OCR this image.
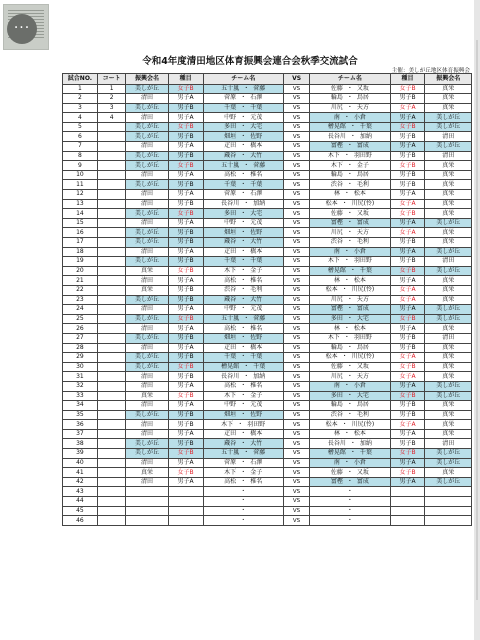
···
令和4年度清田地区体育振興会連合会秋季交流試合
主催：美しが丘地区体育振興会
試合NO.	コート	振興会名	種目	チーム名	VS	チーム名	種目	振興会名
1	1	美しが丘	女子B	五十嵐 ・ 菅藤	VS	佐藤 ・ 又坂	女子B	真栄
2	2	清田	男子A	菅原 ・ 石澤	VS	輪島 ・ 鳥居	男子B	真栄
3	3	美しが丘	男子B	千葉 ・ 千葉	VS	川尻 ・ 天方	女子A	真栄
4	4	清田	男子A	中野 ・ 元茂	VS	南 ・ 小倉	男子A	美しが丘
5		美しが丘	女子B	多田 ・ 大宅	VS	檜晃館 ・ 千葉	女子B	美しが丘
6		美しが丘	男子B	畑垣 ・ 佐野	VS	長谷川 ・ 加納	男子B	清田
7		清田	男子A	疋田 ・ 橋本	VS	富樫 ・ 富成	男子A	美しが丘
8		美しが丘	男子B	蔵谷 ・ 大竹	VS	木下 ・ 羽田野	男子B	清田
9		美しが丘	女子B	五十嵐 ・ 菅藤	VS	木下 ・ 金子	女子B	真栄
10		清田	男子A	高松 ・ 椎名	VS	輪島 ・ 鳥居	男子B	真栄
11		美しが丘	男子B	千葉 ・ 千葉	VS	渋谷 ・ 毛利	男子B	真栄
12		清田	男子A	菅原 ・ 石澤	VS	林 ・ 松本	男子A	真栄
13		清田	男子B	長谷川 ・ 加納	VS	松本 ・ 川尻(怜)	女子A	真栄
14		美しが丘	女子B	多田 ・ 大宅	VS	佐藤 ・ 又坂	女子B	真栄
15		清田	男子A	中野 ・ 元茂	VS	富樫 ・ 富成	男子A	美しが丘
16		美しが丘	男子B	畑垣 ・ 佐野	VS	川尻 ・ 天方	女子A	真栄
17		美しが丘	男子B	蔵谷 ・ 大竹	VS	渋谷 ・ 毛利	男子B	真栄
18		清田	男子A	疋田 ・ 橋本	VS	南 ・ 小倉	男子A	美しが丘
19		美しが丘	男子B	千葉 ・ 千葉	VS	木下 ・ 羽田野	男子B	清田
20		真栄	女子B	木下 ・ 金子	VS	檜晃館 ・ 千葉	女子B	美しが丘
21		清田	男子A	高松 ・ 椎名	VS	林 ・ 松本	男子A	真栄
22		真栄	男子B	渋谷 ・ 毛利	VS	松本 ・ 川尻(怜)	女子A	真栄
23		美しが丘	男子B	蔵谷 ・ 大竹	VS	川尻 ・ 天方	女子A	真栄
24		清田	男子A	中野 ・ 元茂	VS	富樫 ・ 富成	男子A	美しが丘
25		美しが丘	女子B	五十嵐 ・ 菅藤	VS	多田 ・ 大宅	女子B	美しが丘
26		清田	男子A	高松 ・ 椎名	VS	林 ・ 松本	男子A	真栄
27		美しが丘	男子B	畑垣 ・ 佐野	VS	木下 ・ 羽田野	男子B	清田
28		清田	男子A	疋田 ・ 橋本	VS	輪島 ・ 鳥居	男子B	真栄
29		美しが丘	男子B	千葉 ・ 千葉	VS	松本 ・ 川尻(怜)	女子A	真栄
30		美しが丘	女子B	檜晃館 ・ 千葉	VS	佐藤 ・ 又坂	女子B	真栄
31		清田	男子B	長谷川 ・ 加納	VS	川尻 ・ 天方	女子A	真栄
32		清田	男子A	高松 ・ 椎名	VS	南 ・ 小倉	男子A	美しが丘
33		真栄	女子B	木下 ・ 金子	VS	多田 ・ 大宅	女子B	美しが丘
34		清田	男子A	中野 ・ 元茂	VS	輪島 ・ 鳥居	男子B	真栄
35		美しが丘	男子B	畑垣 ・ 佐野	VS	渋谷 ・ 毛利	男子B	真栄
36		清田	男子B	木下 ・ 羽田野	VS	松本 ・ 川尻(怜)	女子A	真栄
37		清田	男子A	疋田 ・ 橋本	VS	林 ・ 松本	男子A	真栄
38		美しが丘	男子B	蔵谷 ・ 大竹	VS	長谷川 ・ 加納	男子B	清田
39		美しが丘	女子B	五十嵐 ・ 菅藤	VS	檜晃館 ・ 千葉	女子B	美しが丘
40		清田	男子A	菅原 ・ 石澤	VS	南 ・ 小倉	男子A	美しが丘
41		真栄	女子B	木下 ・ 金子	VS	佐藤 ・ 又坂	女子B	真栄
42		清田	男子A	高松 ・ 椎名	VS	富樫 ・ 富成	男子A	美しが丘
43				・	VS	・		
44				・	VS	・		
45				・	VS	・		
46				・	VS	・		
